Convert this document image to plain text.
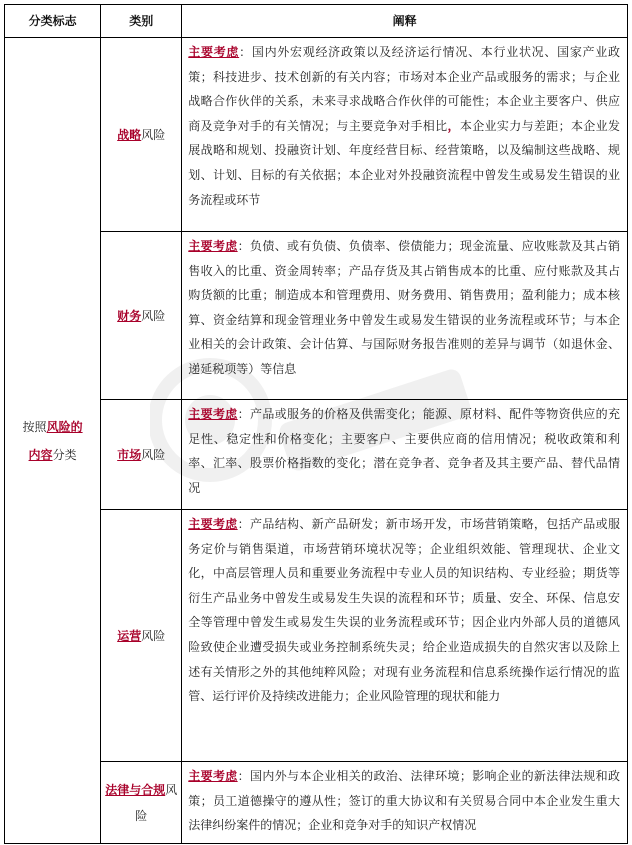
分类标志	类别	阐释
按照风险的
内容分类	战略风险	主要考虑：国内外宏观经济政策以及经济运行情况、本行业状况、国家产业政策；科技进步、技术创新的有关内容；市场对本企业产品或服务的需求；与企业战略合作伙伴的关系，未来寻求战略合作伙伴的可能性；本企业主要客户、供应商及竞争对手的有关情况；与主要竞争对手相比，本企业实力与差距；本企业发展战略和规划、投融资计划、年度经营目标、经营策略，以及编制这些战略、规划、计划、目标的有关依据；本企业对外投融资流程中曾发生或易发生错误的业务流程或环节
	财务风险	主要考虑：负债、或有负债、负债率、偿债能力；现金流量、应收账款及其占销售收入的比重、资金周转率；产品存货及其占销售成本的比重、应付账款及其占购货额的比重；制造成本和管理费用、财务费用、销售费用；盈利能力；成本核算、资金结算和现金管理业务中曾发生或易发生错误的业务流程或环节；与本企业相关的会计政策、会计估算、与国际财务报告准则的差异与调节（如退休金、递延税项等）等信息
	市场风险	主要考虑：产品或服务的价格及供需变化；能源、原材料、配件等物资供应的充足性、稳定性和价格变化；主要客户、主要供应商的信用情况；税收政策和利率、汇率、股票价格指数的变化；潜在竞争者、竞争者及其主要产品、替代品情况
	运营风险	主要考虑：产品结构、新产品研发；新市场开发，市场营销策略，包括产品或服务定价与销售渠道，市场营销环境状况等；企业组织效能、管理现状、企业文化，中高层管理人员和重要业务流程中专业人员的知识结构、专业经验；期货等衍生产品业务中曾发生或易发生失误的流程和环节；质量、安全、环保、信息安全等管理中曾发生或易发生失误的业务流程或环节；因企业内外部人员的道德风险致使企业遭受损失或业务控制系统失灵；给企业造成损失的自然灾害以及除上述有关情形之外的其他纯粹风险；对现有业务流程和信息系统操作运行情况的监管、运行评价及持续改进能力；企业风险管理的现状和能力
	法律与合规风险	主要考虑：国内外与本企业相关的政治、法律环境；影响企业的新法律法规和政策；员工道德操守的遵从性；签订的重大协议和有关贸易合同中本企业发生重大法律纠纷案件的情况；企业和竞争对手的知识产权情况
